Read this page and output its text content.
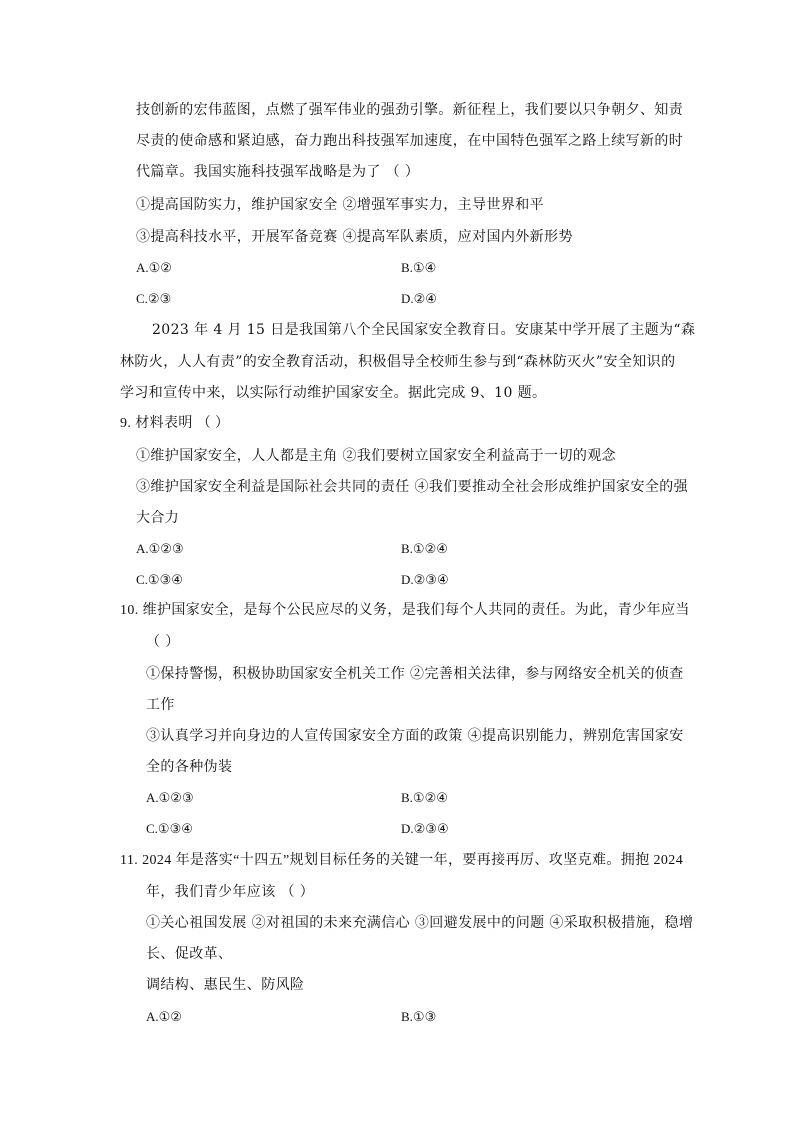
技创新的宏伟蓝图，点燃了强军伟业的强劲引擎。新征程上，我们要以只争朝夕、知责
尽责的使命感和紧迫感，奋力跑出科技强军加速度，在中国特色强军之路上续写新的时
代篇章。我国实施科技强军战略是为了 （ ）
①提高国防实力，维护国家安全 ②增强军事实力，主导世界和平
③提高科技水平，开展军备竞赛 ④提高军队素质，应对国内外新形势
A.①②	B.①④
C.②③	D.②④
2023 年 4 月 15 日是我国第八个全民国家安全教育日。安康某中学开展了主题为“森
林防火，人人有责”的安全教育活动，积极倡导全校师生参与到“森林防灭火”安全知识的
学习和宣传中来，以实际行动维护国家安全。据此完成 9、10 题。
9. 材料表明 （ ）
①维护国家安全，人人都是主角 ②我们要树立国家安全利益高于一切的观念
③维护国家安全利益是国际社会共同的责任 ④我们要推动全社会形成维护国家安全的强
大合力
A.①②③	B.①②④
C.①③④	D.②③④
10. 维护国家安全，是每个公民应尽的义务，是我们每个人共同的责任。为此，青少年应当
（ ）
①保持警惕，积极协助国家安全机关工作 ②完善相关法律，参与网络安全机关的侦查
工作
③认真学习并向身边的人宣传国家安全方面的政策 ④提高识别能力，辨别危害国家安
全的各种伪装
A.①②③	B.①②④
C.①③④	D.②③④
11. 2024 年是落实“十四五”规划目标任务的关键一年，要再接再厉、攻坚克难。拥抱 2024
年，我们青少年应该 （ ）
①关心祖国发展 ②对祖国的未来充满信心 ③回避发展中的问题 ④采取积极措施，稳增
长、促改革、
调结构、惠民生、防风险
A.①②	B.①③
